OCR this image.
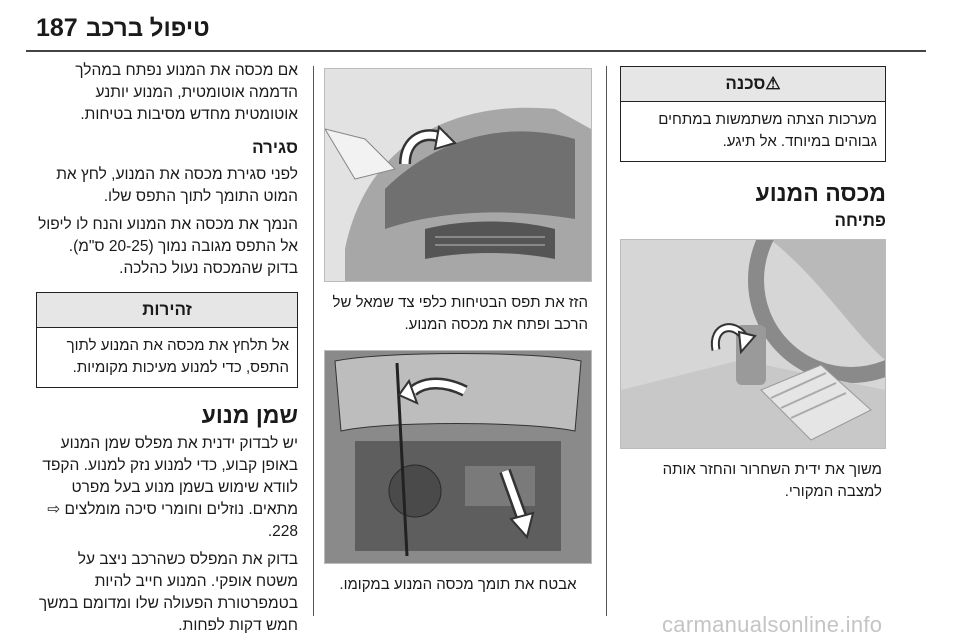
187 טיפול ברכב
⚠סכנה
מערכות הצתה משתמשות במתחים גבוהים במיוחד. אל תיגע.
מכסה המנוע
פתיחה
משוך את ידית השחרור והחזר אותה למצבה המקורי.
הזז את תפס הבטיחות כלפי צד שמאל של הרכב ופתח את מכסה המנוע.
אבטח את תומך מכסה המנוע במקומו.

אם מכסה את המנוע נפתח במהלך הדממה אוטומטית, המנוע יותנע אוטומטית מחדש מסיבות בטיחות.

סגירה

לפני סגירת מכסה את המנוע, לחץ את המוט התומך לתוך התפס שלו.

הנמך את מכסה את המנוע והנח לו ליפול אל התפס מגובה נמוך (20-25 ס"מ). בדוק שהמכסה נעול כהלכה.

זהירות
אל תלחץ את מכסה את המנוע לתוך התפס, כדי למנוע מעיכות מקומיות.
שמן מנוע

יש לבדוק ידנית את מפלס שמן המנוע באופן קבוע, כדי למנוע נזק למנוע. הקפד לוודא שימוש בשמן מנוע בעל מפרט מתאים. נוזלים וחומרי סיכה מומלצים ⇨ 228.

בדוק את המפלס כשהרכב ניצב על משטח אופקי. המנוע חייב להיות בטמפרטורת הפעולה שלו ומדומם במשך חמש דקות לפחות.	carmanualsonline.info
